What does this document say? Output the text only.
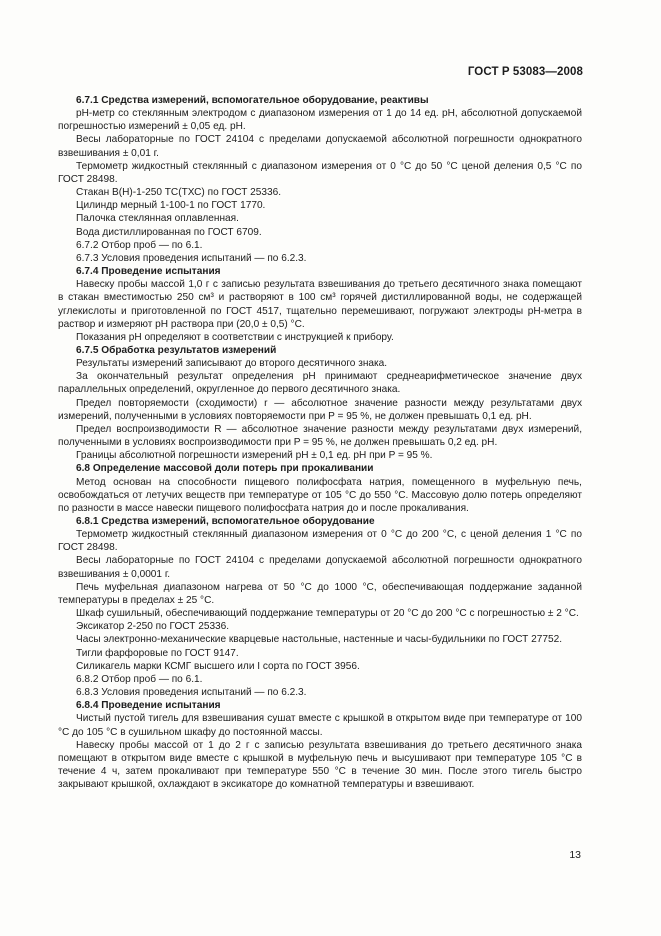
ГОСТ Р 53083—2008
6.7.1 Средства измерений, вспомогательное оборудование, реактивы
pH-метр со стеклянным электродом с диапазоном измерения от 1 до 14 ед. pH, абсолютной допускаемой погрешностью измерений ± 0,05 ед. pH.
Весы лабораторные по ГОСТ 24104 с пределами допускаемой абсолютной погрешности однократного взвешивания ± 0,01 г.
Термометр жидкостный стеклянный с диапазоном измерения от 0 °С до 50 °С ценой деления 0,5 °С по ГОСТ 28498.
Стакан В(Н)-1-250 ТС(ТХС) по ГОСТ 25336.
Цилиндр мерный 1-100-1 по ГОСТ 1770.
Палочка стеклянная оплавленная.
Вода дистиллированная по ГОСТ 6709.
6.7.2 Отбор проб — по 6.1.
6.7.3 Условия проведения испытаний — по 6.2.3.
6.7.4 Проведение испытания
Навеску пробы массой 1,0 г с записью результата взвешивания до третьего десятичного знака помещают в стакан вместимостью 250 см³ и растворяют в 100 см³ горячей дистиллированной воды, не содержащей углекислоты и приготовленной по ГОСТ 4517, тщательно перемешивают, погружают электроды pH-метра в раствор и измеряют pH раствора при (20,0 ± 0,5) °С.
Показания pH определяют в соответствии с инструкцией к прибору.
6.7.5 Обработка результатов измерений
Результаты измерений записывают до второго десятичного знака.
За окончательный результат определения pH принимают среднеарифметическое значение двух параллельных определений, округленное до первого десятичного знака.
Предел повторяемости (сходимости) r — абсолютное значение разности между результатами двух измерений, полученными в условиях повторяемости при P = 95 %, не должен превышать 0,1 ед. pH.
Предел воспроизводимости R — абсолютное значение разности между результатами двух измерений, полученными в условиях воспроизводимости при P = 95 %, не должен превышать 0,2 ед. pH.
Границы абсолютной погрешности измерений pH ± 0,1 ед. pH при P = 95 %.
6.8 Определение массовой доли потерь при прокаливании
Метод основан на способности пищевого полифосфата натрия, помещенного в муфельную печь, освобождаться от летучих веществ при температуре от 105 °С до 550 °С. Массовую долю потерь определяют по разности в массе навески пищевого полифосфата натрия до и после прокаливания.
6.8.1 Средства измерений, вспомогательное оборудование
Термометр жидкостный стеклянный диапазоном измерения от 0 °С до 200 °С, с ценой деления 1 °С по ГОСТ 28498.
Весы лабораторные по ГОСТ 24104 с пределами допускаемой абсолютной погрешности однократного взвешивания ± 0,0001 г.
Печь муфельная диапазоном нагрева от 50 °С до 1000 °С, обеспечивающая поддержание заданной температуры в пределах ± 25 °С.
Шкаф сушильный, обеспечивающий поддержание температуры от 20 °С до 200 °С с погрешностью ± 2 °С.
Эксикатор 2-250 по ГОСТ 25336.
Часы электронно-механические кварцевые настольные, настенные и часы-будильники по ГОСТ 27752.
Тигли фарфоровые по ГОСТ 9147.
Силикагель марки КСМГ высшего или I сорта по ГОСТ 3956.
6.8.2 Отбор проб — по 6.1.
6.8.3 Условия проведения испытаний — по 6.2.3.
6.8.4 Проведение испытания
Чистый пустой тигель для взвешивания сушат вместе с крышкой в открытом виде при температуре от 100 °С до 105 °С в сушильном шкафу до постоянной массы.
Навеску пробы массой от 1 до 2 г с записью результата взвешивания до третьего десятичного знака помещают в открытом виде вместе с крышкой в муфельную печь и высушивают при температуре 105 °С в течение 4 ч, затем прокаливают при температуре 550 °С в течение 30 мин. После этого тигель быстро закрывают крышкой, охлаждают в эксикаторе до комнатной температуры и взвешивают.
13
